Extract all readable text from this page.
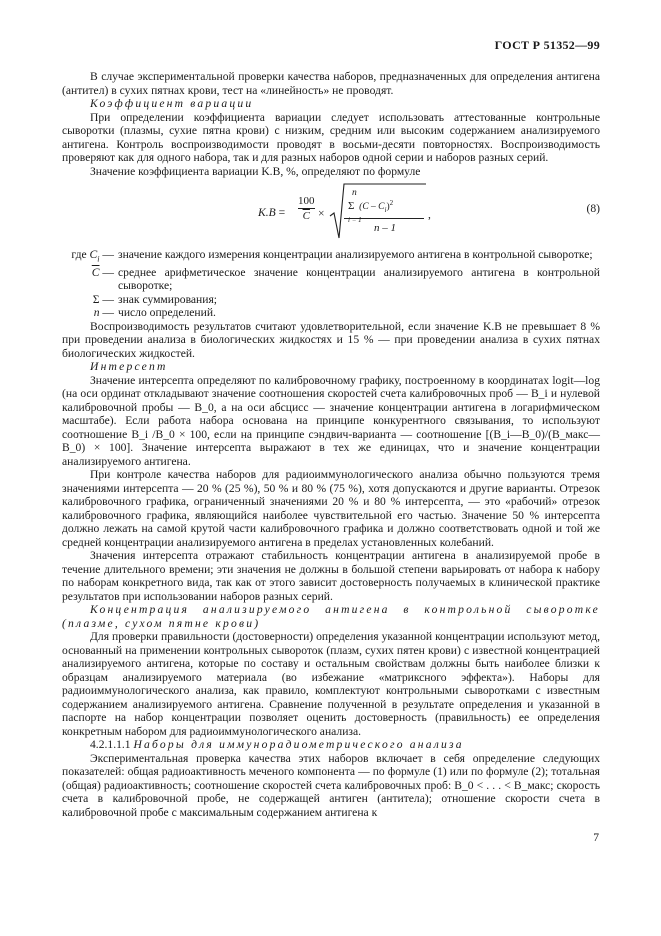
ГОСТ Р 51352—99

В случае экспериментальной проверки качества наборов, предназначенных для определения антигена (антител) в сухих пятнах крови, тест на «линейность» не проводят.

Коэффициент вариации

При определении коэффициента вариации следует использовать аттестованные контрольные сыворотки (плазмы, сухие пятна крови) с низким, средним или высоким содержанием анализируемого антигена. Контроль воспроизводимости проводят в восьми-десяти повторностях. Воспроизводимость проверяют как для одного набора, так и для разных наборов одной серии и наборов разных серий.

Значение коэффициента вариации K.B, %, определяют по формуле

K.B =
100
$\overline{C}$ ×
n
Σ $(C - C_i)^2$
i = 1
n – 1
,	(8)
где $C_i$ — значение каждого измерения концентрации анализируемого антигена в контрольной сыворотке;
$\overline{C}$ — среднее арифметическое значение концентрации анализируемого антигена в контрольной сыворотке;
Σ — знак суммирования;
n — число определений.

Воспроизводимость результатов считают удовлетворительной, если значение K.B не превышает 8 % при проведении анализа в биологических жидкостях и 15 % — при проведении анализа в сухих пятнах биологических жидкостей.

Интерсепт

Значение интерсепта определяют по калибровочному графику, построенному в координатах logit—log (на оси ординат откладывают значение соотношения скоростей счета калибровочных проб — B_i и нулевой калибровочной пробы — B_0, а на оси абсцисс — значение концентрации антигена в логарифмическом масштабе). Если работа набора основана на принципе конкурентного связывания, то используют соотношение B_i /B_0 × 100, если на принципе сэндвич-варианта — соотношение [(B_i—B_0)/(B_макс—B_0) × 100]. Значение интерсепта выражают в тех же единицах, что и значение концентрации анализируемого антигена.

При контроле качества наборов для радиоиммунологического анализа обычно пользуются тремя значениями интерсепта — 20 % (25 %), 50 % и 80 % (75 %), хотя допускаются и другие варианты. Отрезок калибровочного графика, ограниченный значениями 20 % и 80 % интерсепта, — это «рабочий» отрезок калибровочного графика, являющийся наиболее чувствительной его частью. Значение 50 % интерсепта должно лежать на самой крутой части калибровочного графика и должно соответствовать одной и той же средней концентрации анализируемого антигена в пределах установленных колебаний.

Значения интерсепта отражают стабильность концентрации антигена в анализируемой пробе в течение длительного времени; эти значения не должны в большой степени варьировать от набора к набору по наборам конкретного вида, так как от этого зависит достоверность получаемых в клинической практике результатов при использовании наборов разных серий.

Концентрация анализируемого антигена в контрольной сыворотке (плазме, сухом пятне крови)

Для проверки правильности (достоверности) определения указанной концентрации используют метод, основанный на применении контрольных сывороток (плазм, сухих пятен крови) с известной концентрацией анализируемого антигена, которые по составу и остальным свойствам должны быть наиболее близки к образцам анализируемого материала (во избежание «матриксного эффекта»). Наборы для радиоиммунологического анализа, как правило, комплектуют контрольными сыворотками с известным содержанием анализируемого антигена. Сравнение полученной в результате определения и указанной в паспорте на набор концентрации позволяет оценить достоверность (правильность) ее определения конкретным набором для радиоиммунологического анализа.

4.2.1.1.1 Наборы для иммунорадиометрического анализа

Экспериментальная проверка качества этих наборов включает в себя определение следующих показателей: общая радиоактивность меченого компонента — по формуле (1) или по формуле (2); тотальная (общая) радиоактивность; соотношение скоростей счета калибровочных проб: B_0 < . . . < B_макс; скорость счета в калибровочной пробе, не содержащей антиген (антитела); отношение скорости счета в калибровочной пробе с максимальным содержанием антигена к

7
